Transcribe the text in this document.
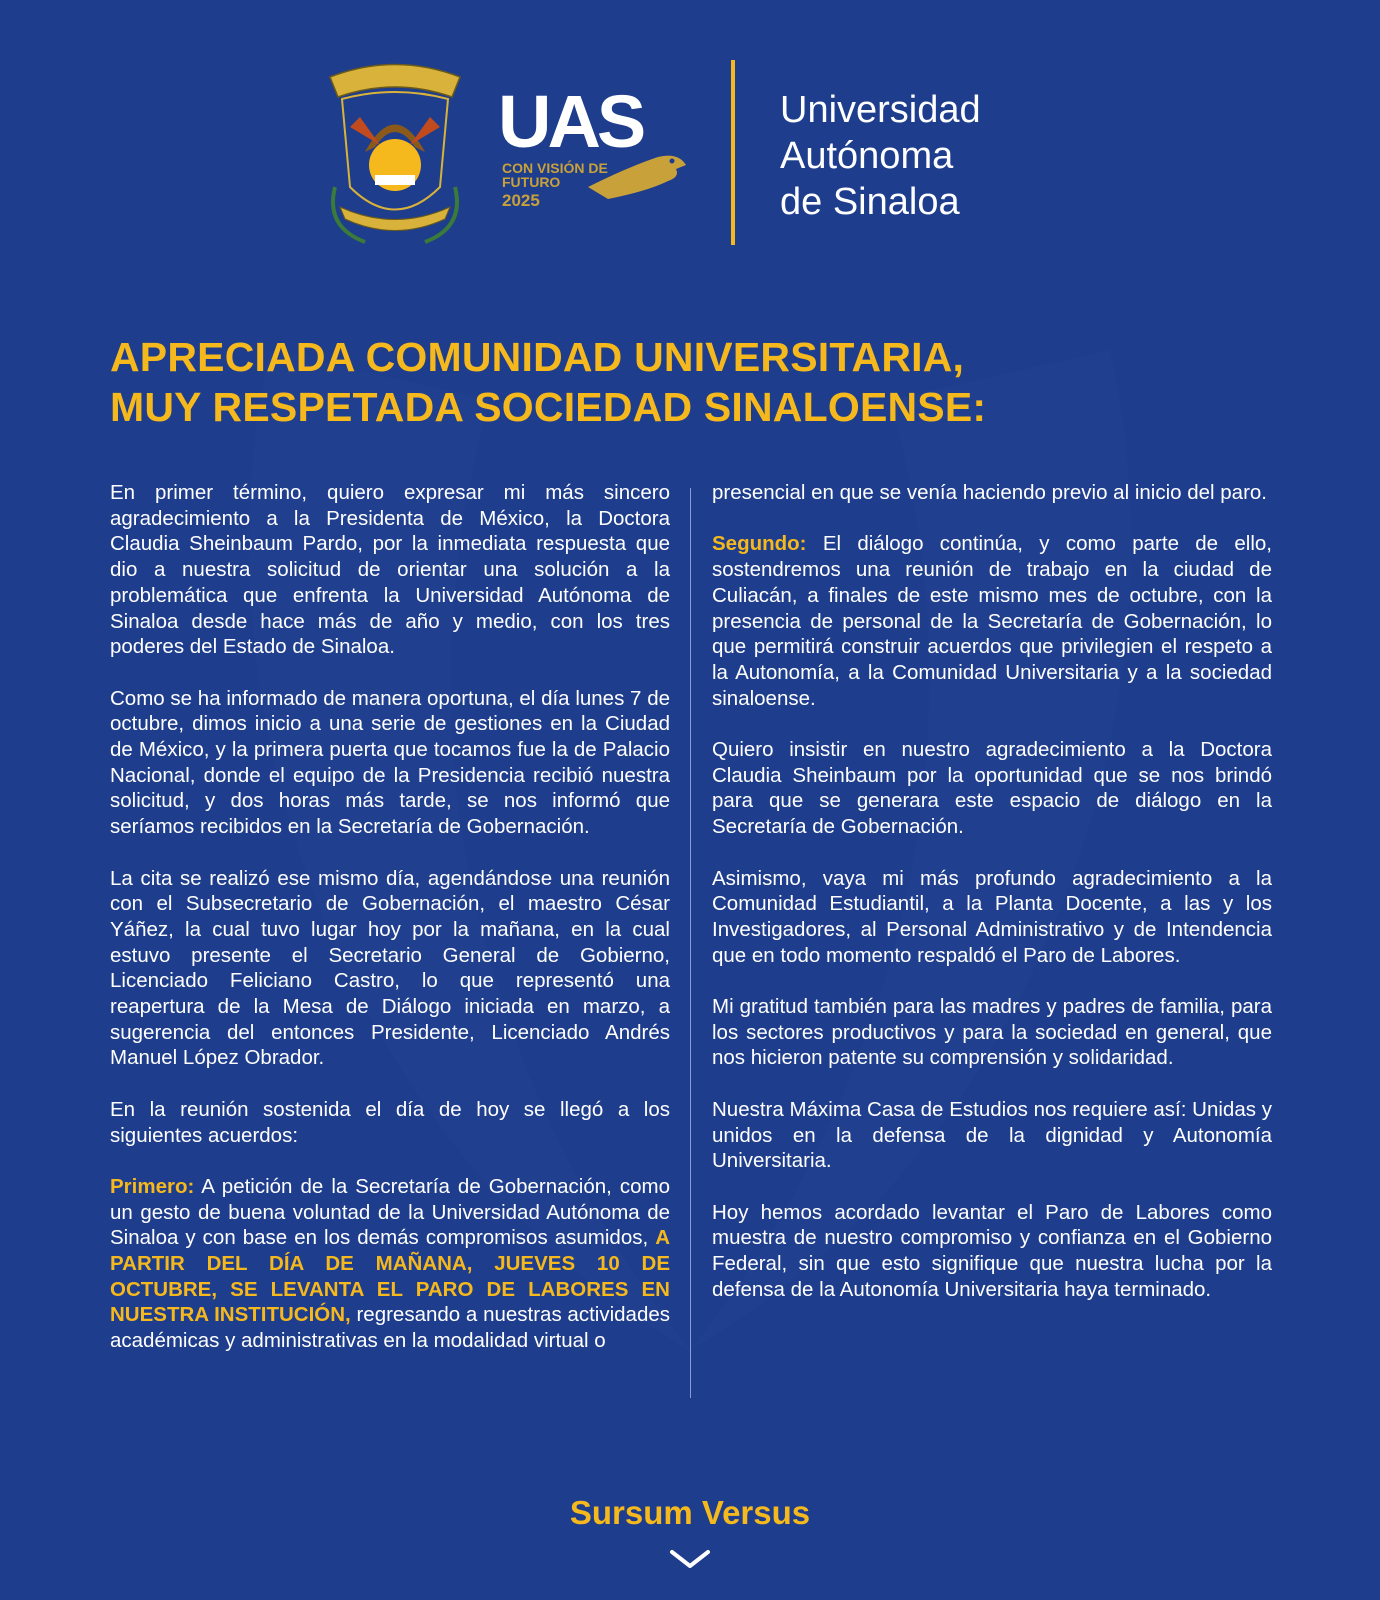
UAS
CON VISIÓN DE
FUTURO
2025
Universidad
Autónoma
de Sinaloa
APRECIADA COMUNIDAD UNIVERSITARIA,
MUY RESPETADA SOCIEDAD SINALOENSE:

En primer término, quiero expresar mi más sincero agradecimiento a la Presidenta de México, la Doctora Claudia Sheinbaum Pardo, por la inmediata respuesta que dio a nuestra solicitud de orientar una solución a la problemática que enfrenta la Universidad Autónoma de Sinaloa desde hace más de año y medio, con los tres poderes del Estado de Sinaloa.

Como se ha informado de manera oportuna, el día lunes 7 de octubre, dimos inicio a una serie de gestiones en la Ciudad de México, y la primera puerta que tocamos fue la de Palacio Nacional, donde el equipo de la Presidencia recibió nuestra solicitud, y dos horas más tarde, se nos informó que seríamos recibidos en la Secretaría de Gobernación.

La cita se realizó ese mismo día, agendándose una reunión con el Subsecretario de Gobernación, el maestro César Yáñez, la cual tuvo lugar hoy por la mañana, en la cual estuvo presente el Secretario General de Gobierno, Licenciado Feliciano Castro, lo que representó una reapertura de la Mesa de Diálogo iniciada en marzo, a sugerencia del entonces Presidente, Licenciado Andrés Manuel López Obrador.

En la reunión sostenida el día de hoy se llegó a los siguientes acuerdos:

Primero: A petición de la Secretaría de Gobernación, como un gesto de buena voluntad de la Universidad Autónoma de Sinaloa y con base en los demás compromisos asumidos, A PARTIR DEL DÍA DE MAÑANA, JUEVES 10 DE OCTUBRE, SE LEVANTA EL PARO DE LABORES EN NUESTRA INSTITUCIÓN, regresando a nuestras actividades académicas y administrativas en la modalidad virtual o

presencial en que se venía haciendo previo al inicio del paro.

Segundo: El diálogo continúa, y como parte de ello, sostendremos una reunión de trabajo en la ciudad de Culiacán, a finales de este mismo mes de octubre, con la presencia de personal de la Secretaría de Gobernación, lo que permitirá construir acuerdos que privilegien el respeto a la Autonomía, a la Comunidad Universitaria y a la sociedad sinaloense.

Quiero insistir en nuestro agradecimiento a la Doctora Claudia Sheinbaum por la oportunidad que se nos brindó para que se generara este espacio de diálogo en la Secretaría de Gobernación.

Asimismo, vaya mi más profundo agradecimiento a la Comunidad Estudiantil, a la Planta Docente, a las y los Investigadores, al Personal Administrativo y de Intendencia que en todo momento respaldó el Paro de Labores.

Mi gratitud también para las madres y padres de familia, para los sectores productivos y para la sociedad en general, que nos hicieron patente su comprensión y solidaridad.

Nuestra Máxima Casa de Estudios nos requiere así: Unidas y unidos en la defensa de la dignidad y Autonomía Universitaria.

Hoy hemos acordado levantar el Paro de Labores como muestra de nuestro compromiso y confianza en el Gobierno Federal, sin que esto signifique que nuestra lucha por la defensa de la Autonomía Universitaria haya terminado.

Sursum Versus
